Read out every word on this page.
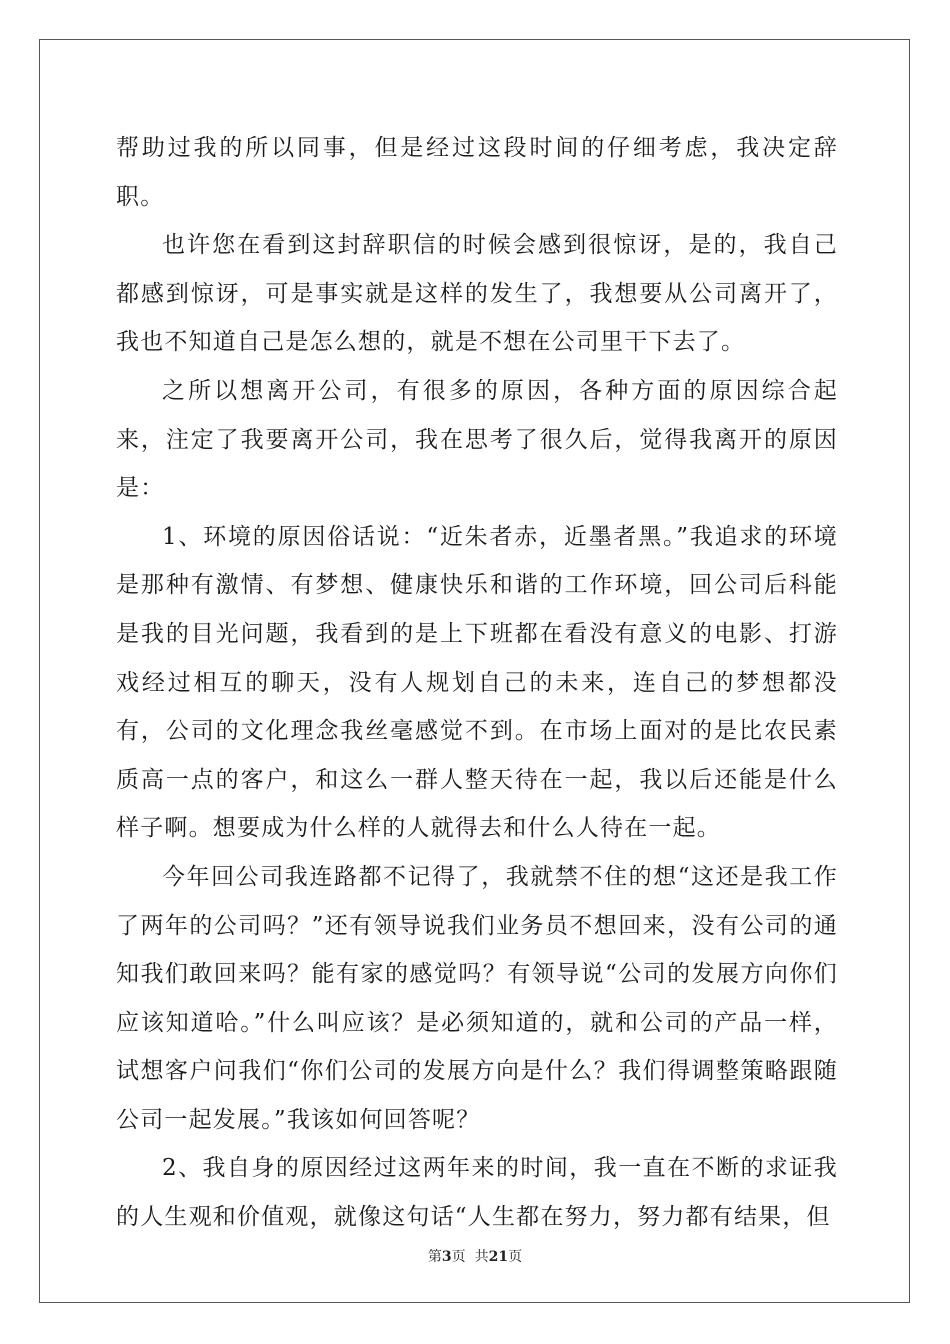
帮助过我的所以同事，但是经过这段时间的仔细考虑，我决定辞职。

也许您在看到这封辞职信的时候会感到很惊讶，是的，我自己都感到惊讶，可是事实就是这样的发生了，我想要从公司离开了，我也不知道自己是怎么想的，就是不想在公司里干下去了。

之所以想离开公司，有很多的原因，各种方面的原因综合起来，注定了我要离开公司，我在思考了很久后，觉得我离开的原因是：

1、环境的原因俗话说：“近朱者赤，近墨者黑。”我追求的环境是那种有激情、有梦想、健康快乐和谐的工作环境，回公司后科能是我的目光问题，我看到的是上下班都在看没有意义的电影、打游戏经过相互的聊天，没有人规划自己的未来，连自己的梦想都没有，公司的文化理念我丝毫感觉不到。在市场上面对的是比农民素质高一点的客户，和这么一群人整天待在一起，我以后还能是什么样子啊。想要成为什么样的人就得去和什么人待在一起。

今年回公司我连路都不记得了，我就禁不住的想“这还是我工作了两年的公司吗？”还有领导说我们业务员不想回来，没有公司的通知我们敢回来吗？能有家的感觉吗？有领导说“公司的发展方向你们应该知道哈。”什么叫应该？是必须知道的，就和公司的产品一样，试想客户问我们“你们公司的发展方向是什么？我们得调整策略跟随公司一起发展。”我该如何回答呢？

2、我自身的原因经过这两年来的时间，我一直在不断的求证我的人生观和价值观，就像这句话“人生都在努力，努力都有结果，但

第3页  共21页
